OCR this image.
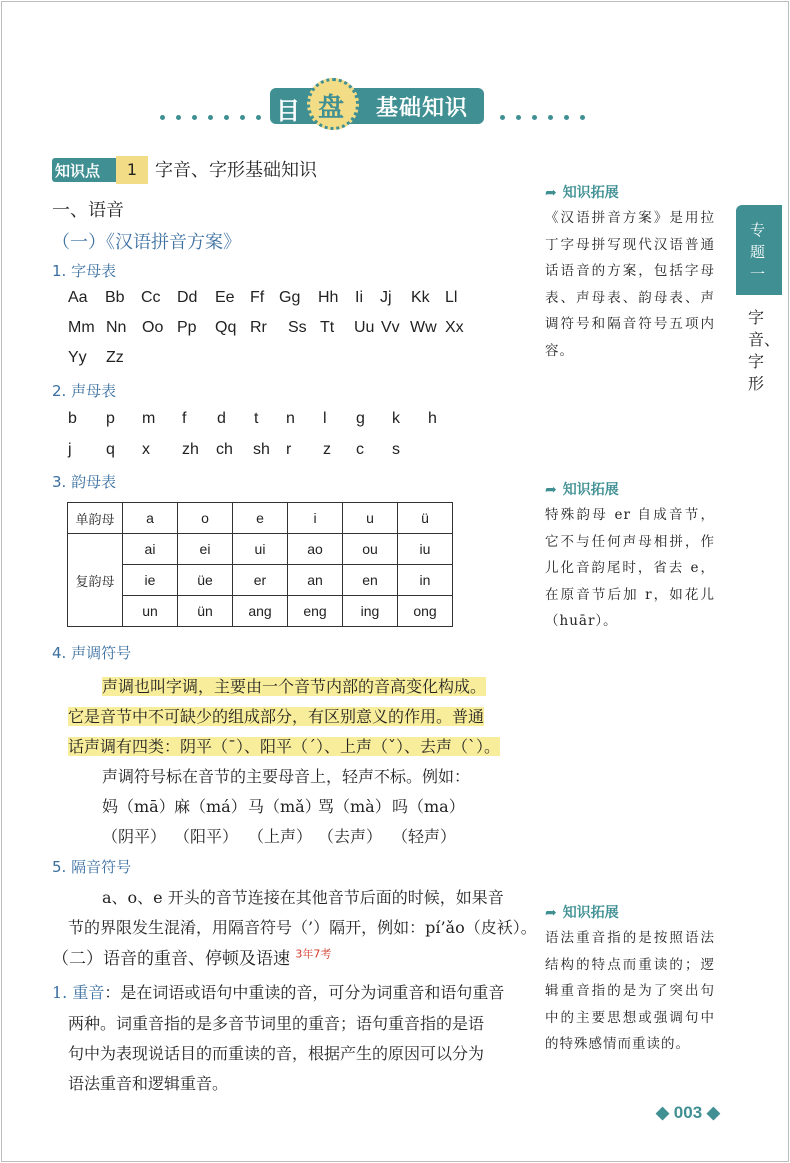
目 盘 基础知识
知识点	1 字音、字形基础知识
一、语音
（一）《汉语拼音方案》
1. 字母表
Aa Bb Cc Dd Ee Ff Gg Hh Ii Jj Kk Ll
Mm Nn Oo Pp Qq Rr Ss Tt Uu Vv Ww Xx
Yy Zz
2. 声母表
b p m f d t n l g k h
j q x zh ch sh r z c s
3. 韵母表
单韵母	a	o	e	i	u	ü
复韵母	ai	ei	ui	ao	ou	iu
	ie	üe	er	an	en	in
	un	ün	ang	eng	ing	ong
4. 声调符号
声调也叫字调，主要由一个音节内部的音高变化构成。
它是音节中不可缺少的组成部分，有区别意义的作用。普通
话声调有四类：阴平（ˉ）、阳平（ˊ）、上声（ˇ）、去声（ˋ）。
声调符号标在音节的主要母音上，轻声不标。例如：
妈（mā） 麻（má） 马（mǎ）
骂（mà） 吗（ma）
（阴平） （阳平） （上声） （去声） （轻声）
5. 隔音符号
a、o、e 开头的音节连接在其他音节后面的时候，如果音
节的界限发生混淆，用隔音符号（’）隔开，例如：pí’ǎo（皮袄）。
（二）语音的重音、停顿及语速 $^{3年7考}$
1. 重音：是在词语或语句中重读的音，可分为词重音和语句重音
两种。词重音指的是多音节词里的重音；语句重音指的是语
句中为表现说话目的而重读的音，根据产生的原因可以分为
语法重音和逻辑重音。
➦ 知识拓展
《汉语拼音方案》是用拉丁字母拼写现代汉语普通话语音的方案，包括字母表、声母表、韵母表、声调符号和隔音符号五项内容。
➦ 知识拓展
特殊韵母 er 自成音节，它不与任何声母相拼，作儿化音韵尾时，省去 e，在原音节后加 r，如花儿（huār）。
➦ 知识拓展
语法重音指的是按照语法结构的特点而重读的；逻辑重音指的是为了突出句中的主要思想或强调句中的特殊感情而重读的。
专题一
字音、字形
◆ 003 ◆
